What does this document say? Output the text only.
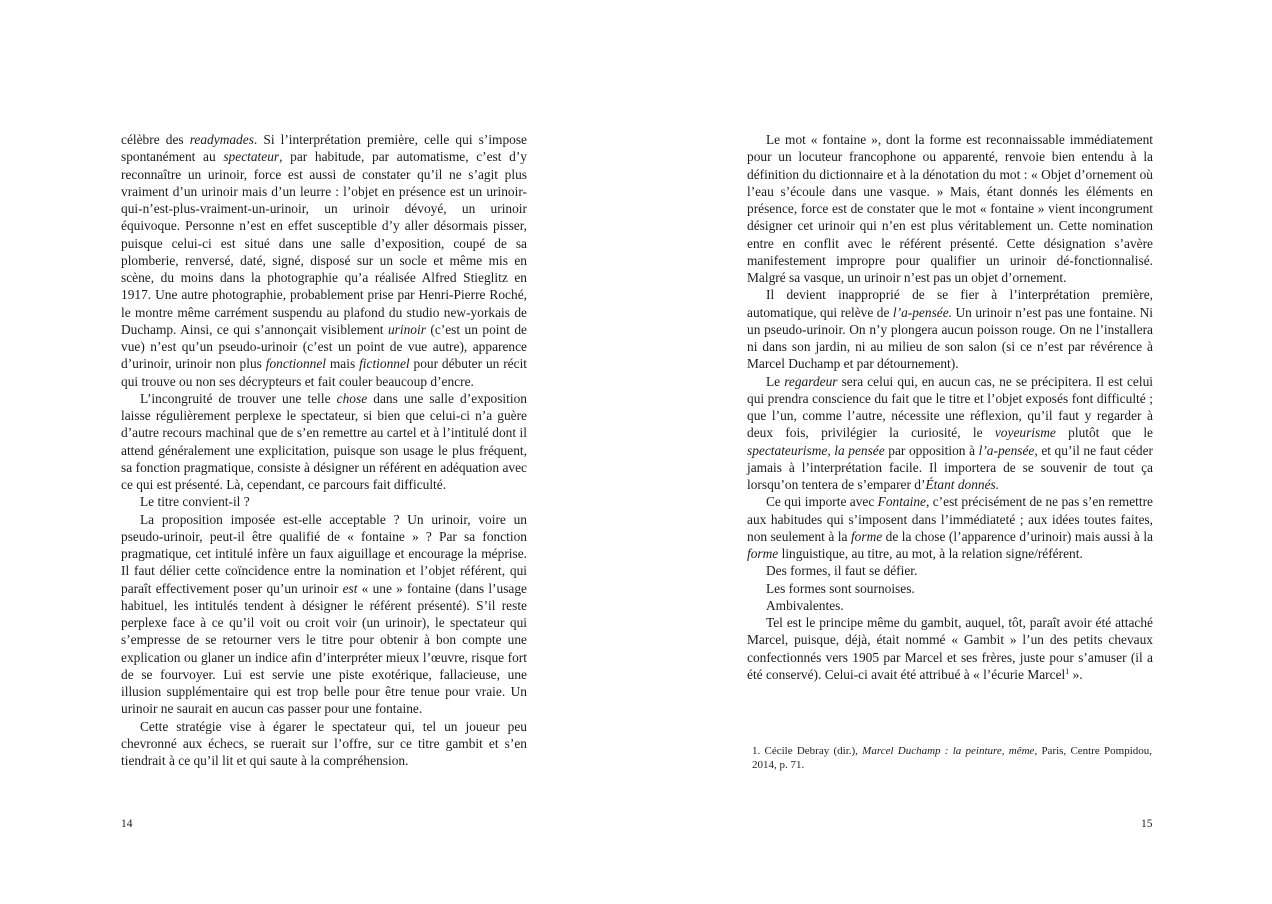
célèbre des readymades. Si l’interprétation première, celle qui s’impose spontanément au spectateur, par habitude, par automatisme, c’est d’y reconnaître un urinoir, force est aussi de constater qu’il ne s’agit plus vraiment d’un urinoir mais d’un leurre : l’objet en présence est un urinoir-qui-n’est-plus-vraiment-un-urinoir, un urinoir dévoyé, un urinoir équivoque. Personne n’est en effet susceptible d’y aller désormais pisser, puisque celui-ci est situé dans une salle d’exposition, coupé de sa plomberie, renversé, daté, signé, disposé sur un socle et même mis en scène, du moins dans la photographie qu’a réalisée Alfred Stieglitz en 1917. Une autre photographie, probablement prise par Henri-Pierre Roché, le montre même carrément suspendu au plafond du studio new-yorkais de Duchamp. Ainsi, ce qui s’annonçait visiblement urinoir (c’est un point de vue) n’est qu’un pseudo-urinoir (c’est un point de vue autre), apparence d’urinoir, urinoir non plus fonctionnel mais fictionnel pour débuter un récit qui trouve ou non ses décrypteurs et fait couler beaucoup d’encre.

L’incongruité de trouver une telle chose dans une salle d’exposition laisse régulièrement perplexe le spectateur, si bien que celui-ci n’a guère d’autre recours machinal que de s’en remettre au cartel et à l’intitulé dont il attend généralement une explicitation, puisque son usage le plus fréquent, sa fonction pragmatique, consiste à désigner un référent en adéquation avec ce qui est présenté. Là, cependant, ce parcours fait difficulté.

Le titre convient-il ?

La proposition imposée est-elle acceptable ? Un urinoir, voire un pseudo-urinoir, peut-il être qualifié de « fontaine » ? Par sa fonction pragmatique, cet intitulé infère un faux aiguillage et encourage la méprise. Il faut délier cette coïncidence entre la nomination et l’objet référent, qui paraît effectivement poser qu’un urinoir est « une » fontaine (dans l’usage habituel, les intitulés tendent à désigner le référent présenté). S’il reste perplexe face à ce qu’il voit ou croit voir (un urinoir), le spectateur qui s’empresse de se retourner vers le titre pour obtenir à bon compte une explication ou glaner un indice afin d’interpréter mieux l’œuvre, risque fort de se fourvoyer. Lui est servie une piste exotérique, fallacieuse, une illusion supplémentaire qui est trop belle pour être tenue pour vraie. Un urinoir ne saurait en aucun cas passer pour une fontaine.

Cette stratégie vise à égarer le spectateur qui, tel un joueur peu chevronné aux échecs, se ruerait sur l’offre, sur ce titre gambit et s’en tiendrait à ce qu’il lit et qui saute à la compréhension.

14

Le mot « fontaine », dont la forme est reconnaissable immédiatement pour un locuteur francophone ou apparenté, renvoie bien entendu à la définition du dictionnaire et à la dénotation du mot : « Objet d’ornement où l’eau s’écoule dans une vasque. » Mais, étant donnés les éléments en présence, force est de constater que le mot « fontaine » vient incongrument désigner cet urinoir qui n’en est plus véritablement un. Cette nomination entre en conflit avec le référent présenté. Cette désignation s’avère manifestement impropre pour qualifier un urinoir dé-fonctionnalisé. Malgré sa vasque, un urinoir n’est pas un objet d’ornement.

Il devient inapproprié de se fier à l’interprétation première, automatique, qui relève de l’a-pensée. Un urinoir n’est pas une fontaine. Ni un pseudo-urinoir. On n’y plongera aucun poisson rouge. On ne l’installera ni dans son jardin, ni au milieu de son salon (si ce n’est par révérence à Marcel Duchamp et par détournement).

Le regardeur sera celui qui, en aucun cas, ne se précipitera. Il est celui qui prendra conscience du fait que le titre et l’objet exposés font difficulté ; que l’un, comme l’autre, nécessite une réflexion, qu’il faut y regarder à deux fois, privilégier la curiosité, le voyeurisme plutôt que le spectateurisme, la pensée par opposition à l’a-pensée, et qu’il ne faut céder jamais à l’interprétation facile. Il importera de se souvenir de tout ça lorsqu’on tentera de s’emparer d’Étant donnés.

Ce qui importe avec Fontaine, c’est précisément de ne pas s’en remettre aux habitudes qui s’imposent dans l’immédiateté ; aux idées toutes faites, non seulement à la forme de la chose (l’apparence d’urinoir) mais aussi à la forme linguistique, au titre, au mot, à la relation signe/référent.

Des formes, il faut se défier.

Les formes sont sournoises.

Ambivalentes.

Tel est le principe même du gambit, auquel, tôt, paraît avoir été attaché Marcel, puisque, déjà, était nommé « Gambit » l’un des petits chevaux confectionnés vers 1905 par Marcel et ses frères, juste pour s’amuser (il a été conservé). Celui-ci avait été attribué à « l’écurie Marcel$^1$ ».

1. Cécile Debray (dir.), Marcel Duchamp : la peinture, même, Paris, Centre Pompidou, 2014, p. 71.
15
